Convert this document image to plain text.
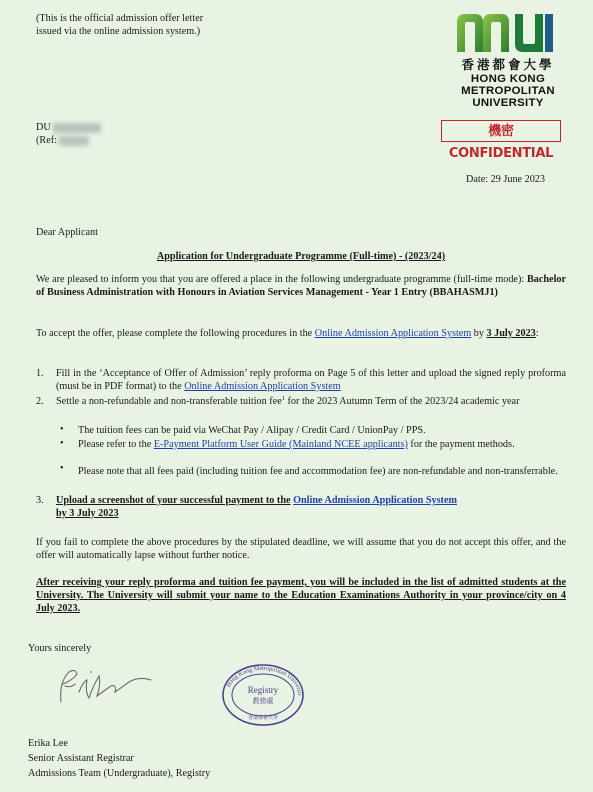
(This is the official admission offer letter issued via the online admission system.)
香港都會大學
HONG KONG
METROPOLITAN
UNIVERSITY
機密CONFIDENTIAL
DU
(Ref:
Date: 29 June 2023
Dear Applicant
Application for Undergraduate Programme (Full-time) - (2023/24)
We are pleased to inform you that you are offered a place in the following undergraduate programme (full-time mode): Bachelor of Business Administration with Honours in Aviation Services Management - Year 1 Entry (BBAHASMJ1)
To accept the offer, please complete the following procedures in the Online Admission Application System by 3 July 2023:
1. Fill in the ‘Acceptance of Offer of Admission’ reply proforma on Page 5 of this letter and upload the signed reply proforma (must be in PDF format) to the Online Admission Application System
2. Settle a non-refundable and non-transferable tuition fee$^1$ for the 2023 Autumn Term of the 2023/24 academic year
• The tuition fees can be paid via WeChat Pay / Alipay / Credit Card / UnionPay / PPS.
• Please refer to the E-Payment Platform User Guide (Mainland NCEE applicants) for the payment methods.
• Please note that all fees paid (including tuition fee and accommodation fee) are non-refundable and non-transferrable.
3. Upload a screenshot of your successful payment to the Online Admission Application System
by 3 July 2023
If you fail to complete the above procedures by the stipulated deadline, we will assume that you do not accept this offer, and the offer will automatically lapse without further notice.
After receiving your reply proforma and tuition fee payment, you will be included in the list of admitted students at the University. The University will submit your name to the Education Examinations Authority in your province/city on 4 July 2023.
Yours sincerely
Hong Kong Metropolitan Universit
Registry
教務處
香港都會大學
Erika Lee
Senior Assistant Registrar
Admissions Team (Undergraduate), Registry
